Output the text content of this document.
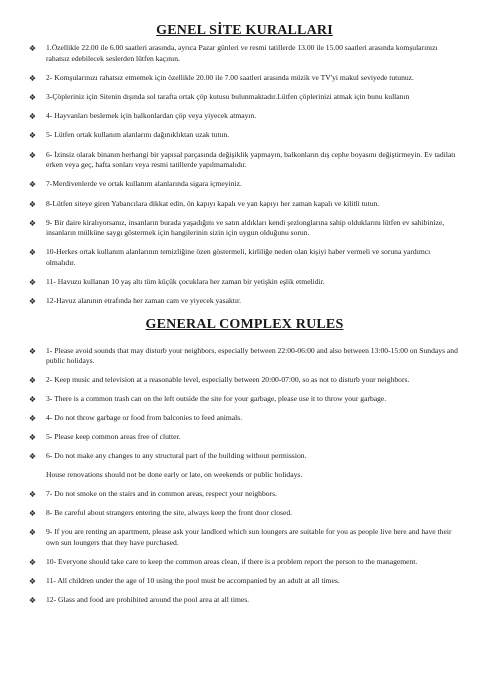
GENEL SİTE KURALLARI
❖ 1.Özellikle 22.00 ile 6.00 saatleri arasında, ayrıca Pazar günleri ve resmi tatillerde 13.00 ile 15.00 saatleri arasında komşularınızı rahatsız edebilecek seslerden lütfen kaçının.
❖ 2- Komşularınızı rahatsız etmemek için özellikle 20.00 ile 7.00 saatleri arasında müzik ve TV'yi makul seviyede tutunuz.
❖ 3-Çöpleriniz için Sitenin dışında sol tarafta ortak çöp kutusu bulunmaktadır.Lütfen çöplerinizi atmak için bunu kullanın
❖ 4- Hayvanları beslemek için balkonlardan çöp veya yiyecek atmayın.
❖ 5- Lütfen ortak kullanım alanlarını dağınıklıktan uzak tutun.
❖ 6- İzinsiz olarak binanın herhangi bir yapısal parçasında değişiklik yapmayın, balkonların dış cephe boyasını değiştirmeyin. Ev tadilatı erken veya geç, hafta sonları veya resmi tatillerde yapılmamalıdır.
❖ 7-Merdivenlerde ve ortak kullanım alanlarında sigara içmeyiniz.
❖ 8-Lütfen siteye giren Yabancılara dikkat edin, ön kapıyı kapalı ve yan kapıyı her zaman kapalı ve kilitli tutun.
❖ 9- Bir daire kiralıyorsanız, insanların burada yaşadığını ve satın aldıkları kendi şezlonglarına sahip olduklarını lütfen ev sahibinize, insanların mülküne saygı göstermek için hangilerinin sizin için uygun olduğunu sorun.
❖ 10-Herkes ortak kullanım alanlarının temizliğine özen göstermeli, kirliliğe neden olan kişiyi haber vermeli ve soruna yardımcı olmalıdır.
❖ 11- Havuzu kullanan 10 yaş altı tüm küçük çocuklara her zaman bir yetişkin eşlik etmelidir.
❖ 12-Havuz alanının etrafında her zaman cam ve yiyecek yasaktır.
GENERAL COMPLEX RULES
❖ 1- Please avoid sounds that may disturb your neighbors, especially between 22:00-06:00 and also between 13:00-15:00 on Sundays and public holidays.
❖ 2- Keep music and television at a reasonable level, especially between 20:00-07:00, so as not to disturb your neighbors.
❖ 3- There is a common trash can on the left outside the site for your garbage, please use it to throw your garbage.
❖ 4- Do not throw garbage or food from balconies to feed animals.
❖ 5- Please keep common areas free of clutter.
❖ 6- Do not make any changes to any structural part of the building without permission.
House renovations should not be done early or late, on weekends or public holidays.
❖ 7- Do not smoke on the stairs and in common areas, respect your neighbors.
❖ 8- Be careful about strangers entering the site, always keep the front door closed.
❖ 9- If you are renting an apartment, please ask your landlord which sun loungers are suitable for you as people live here and have their own sun loungers that they have purchased.
❖ 10- Everyone should take care to keep the common areas clean, if there is a problem report the person to the management.
❖ 11- All children under the age of 10 using the pool must be accompanied by an adult at all times.
❖ 12- Glass and food are prohibited around the pool area at all times.
